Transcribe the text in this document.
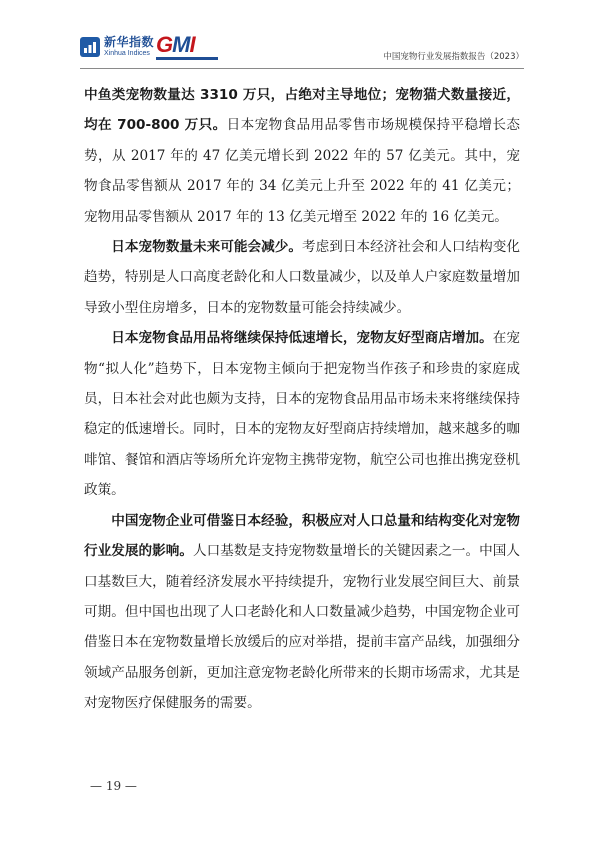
新华指数
Xinhua Indices GMI	中国宠物行业发展指数报告（2023）

中鱼类宠物数量达 3310 万只，占绝对主导地位；宠物猫犬数量接近，均在 700-800 万只。日本宠物食品用品零售市场规模保持平稳增长态势，从 2017 年的 47 亿美元增长到 2022 年的 57 亿美元。其中，宠物食品零售额从 2017 年的 34 亿美元上升至 2022 年的 41 亿美元；宠物用品零售额从 2017 年的 13 亿美元增至 2022 年的 16 亿美元。

日本宠物数量未来可能会减少。考虑到日本经济社会和人口结构变化趋势，特别是人口高度老龄化和人口数量减少，以及单人户家庭数量增加导致小型住房增多，日本的宠物数量可能会持续减少。

日本宠物食品用品将继续保持低速增长，宠物友好型商店增加。在宠物“拟人化”趋势下，日本宠物主倾向于把宠物当作孩子和珍贵的家庭成员，日本社会对此也颇为支持，日本的宠物食品用品市场未来将继续保持稳定的低速增长。同时，日本的宠物友好型商店持续增加，越来越多的咖啡馆、餐馆和酒店等场所允许宠物主携带宠物，航空公司也推出携宠登机政策。

中国宠物企业可借鉴日本经验，积极应对人口总量和结构变化对宠物行业发展的影响。人口基数是支持宠物数量增长的关键因素之一。中国人口基数巨大，随着经济发展水平持续提升，宠物行业发展空间巨大、前景可期。但中国也出现了人口老龄化和人口数量减少趋势，中国宠物企业可借鉴日本在宠物数量增长放缓后的应对举措，提前丰富产品线，加强细分领域产品服务创新，更加注意宠物老龄化所带来的长期市场需求，尤其是对宠物医疗保健服务的需要。

— 19 —
